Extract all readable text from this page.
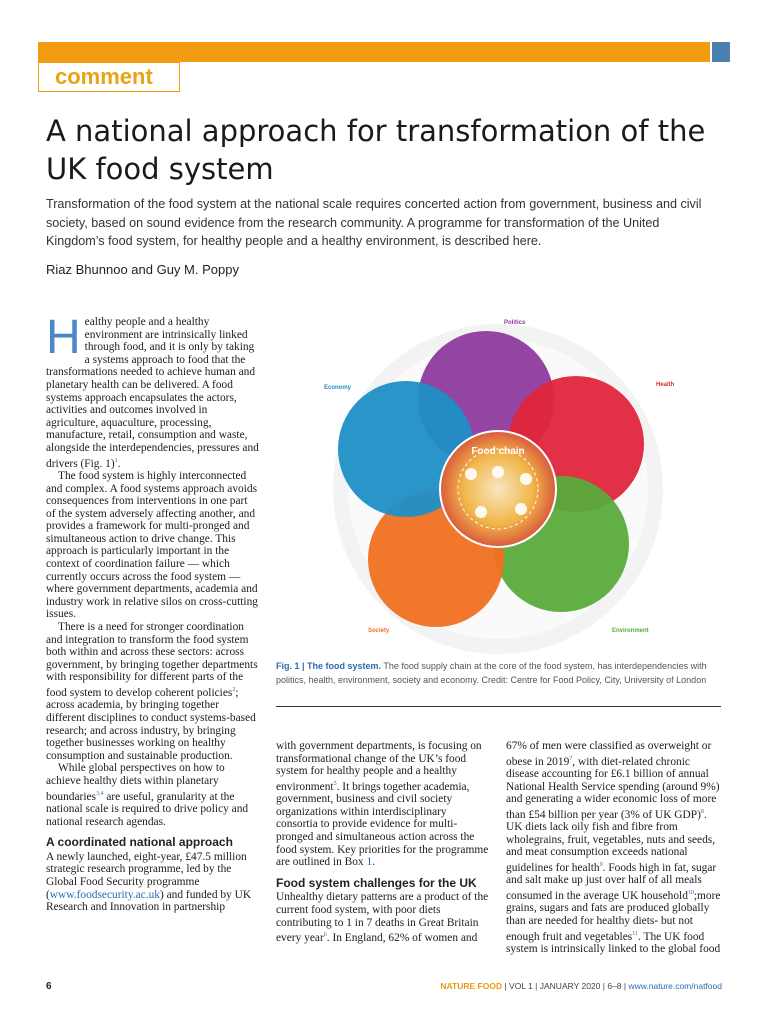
comment
A national approach for transformation of the UK food system

Transformation of the food system at the national scale requires concerted action from government, business and civil society, based on sound evidence from the research community. A programme for transformation of the United Kingdom’s food system, for healthy people and a healthy environment, is described here.

Riaz Bhunnoo and Guy M. Poppy

Healthy people and a healthy environment are intrinsically linked through food, and it is only by taking a systems approach to food that the transformations needed to achieve human and planetary health can be delivered. A food systems approach encapsulates the actors, activities and outcomes involved in agriculture, aquaculture, processing, manufacture, retail, consumption and waste, alongside the interdependencies, pressures and drivers (Fig. 1)$^1$.

The food system is highly interconnected and complex. A food systems approach avoids consequences from interventions in one part of the system adversely affecting another, and provides a framework for multi-pronged and simultaneous action to drive change. This approach is particularly important in the context of coordination failure — which currently occurs across the food system — where government departments, academia and industry work in relative silos on cross-cutting issues.

There is a need for stronger coordination and integration to transform the food system both within and across these sectors: across government, by bringing together departments with responsibility for different parts of the food system to develop coherent policies$^2$; across academia, by bringing together different disciplines to conduct systems-based research; and across industry, by bringing together businesses working on healthy consumption and sustainable production.

While global perspectives on how to achieve healthy diets within planetary boundaries$^{3,4}$ are useful, granularity at the national scale is required to drive policy and national research agendas.

A coordinated national approach

A newly launched, eight-year, £47.5 million strategic research programme, led by the Global Food Security programme (www.foodsecurity.ac.uk) and funded by UK Research and Innovation in partnership

Food chain
Politics
Health
Economy
Society	Environment
Fig. 1 | The food system. The food supply chain at the core of the food system, has interdependencies with politics, health, environment, society and economy. Credit: Centre for Food Policy, City, University of London

with government departments, is focusing on transformational change of the UK’s food system for healthy people and a healthy environment$^5$. It brings together academia, government, business and civil society organizations within interdisciplinary consortia to provide evidence for multi-pronged and simultaneous action across the food system. Key priorities for the programme are outlined in Box 1.

Food system challenges for the UK

Unhealthy dietary patterns are a product of the current food system, with poor diets contributing to 1 in 7 deaths in Great Britain every year$^6$. In England, 62% of women and

67% of men were classified as overweight or obese in 2019$^7$, with diet-related chronic disease accounting for £6.1 billion of annual National Health Service spending (around 9%) and generating a wider economic loss of more than £54 billion per year (3% of UK GDP)$^8$. UK diets lack oily fish and fibre from wholegrains, fruit, vegetables, nuts and seeds, and meat consumption exceeds national guidelines for health$^9$. Foods high in fat, sugar and salt make up just over half of all meals consumed in the average UK household$^{10}$;more grains, sugars and fats are produced globally than are needed for healthy diets- but not enough fruit and vegetables$^{11}$. The UK food system is intrinsically linked to the global food

6	NATURE FOOD | VOL 1 | JANUARY 2020 | 6–8 | www.nature.com/natfood
